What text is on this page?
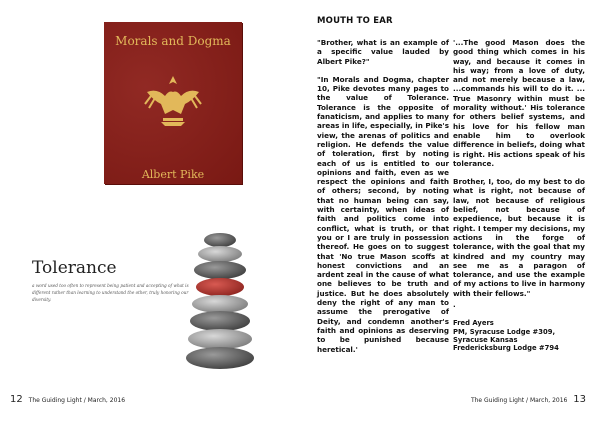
Morals and Dogma
Albert Pike
Tolerance
a word used too often to represent being patient and accepting of what is different rather than learning to understand the other, truly honoring our diversity.
12 The Guiding Light / March, 2016
MOUTH TO EAR

"Brother, what is an example of a specific value lauded by Albert Pike?"

"In Morals and Dogma, chapter 10, Pike devotes many pages to the value of Tolerance. Tolerance is the opposite of fanaticism, and applies to many areas in life, especially, in Pike's view, the arenas of politics and religion. He defends the value of toleration, first by noting each of us is entitled to our opinions and faith, even as we respect the opinions and faith of others; second, by noting that no human being can say, with certainty, when ideas of faith and politics come into conflict, what is truth, or that you or I are truly in possession thereof. He goes on to suggest that 'No true Mason scoffs at honest convictions and an ardent zeal in the cause of what one believes to be truth and justice. But he does absolutely deny the right of any man to assume the prerogative of Deity, and condemn another's faith and opinions as deserving to be punished because heretical.'

'...The good Mason does the good thing which comes in his way, and because it comes in his way; from a love of duty, and not merely because a law, ...commands his will to do it. ... True Masonry within must be morality without.' His tolerance for others belief systems, and his love for his fellow man enable him to overlook difference in beliefs, doing what is right. His actions speak of his tolerance.

Brother, I, too, do my best to do what is right, not because of law, not because of religious belief, not because of expedience, but because it is right. I temper my decisions, my actions in the forge of tolerance, with the goal that my kindred and my country may see me as a paragon of tolerance, and use the example of my actions to live in harmony with their fellows."

.

Fred Ayers
PM, Syracuse Lodge #309,
Syracuse Kansas
Fredericksburg Lodge #794
The Guiding Light / March, 2016 13
